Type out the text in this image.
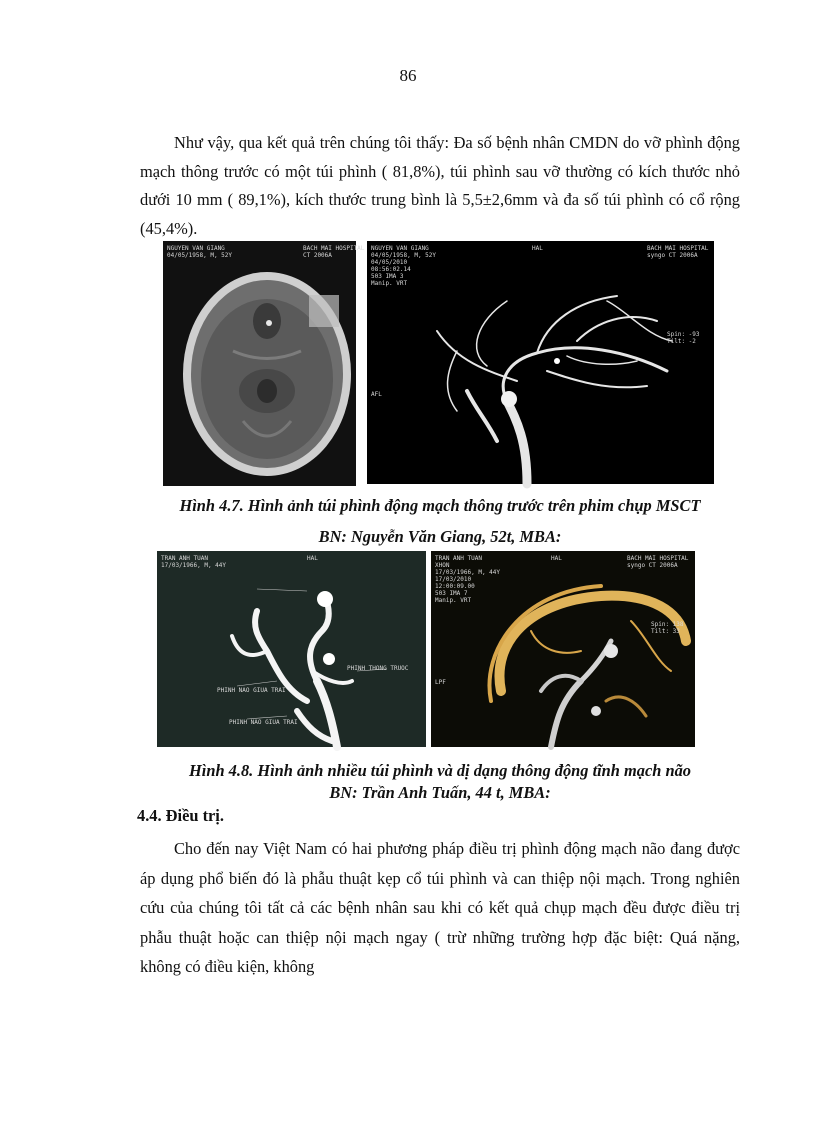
86

Như vậy, qua kết quả trên chúng tôi thấy: Đa số bệnh nhân CMDN do vỡ phình động mạch thông trước có một túi phình ( 81,8%), túi phình sau vỡ thường có kích thước nhỏ dưới 10 mm ( 89,1%), kích thước trung bình là 5,5±2,6mm và đa số túi phình có cổ rộng (45,4%).

NGUYEN VAN GIANG
04/05/1958, M, 52Y
BACH MAI HOSPITAL
CT 2006A
NGUYEN VAN GIANG
04/05/1958, M, 52Y
04/05/2010
08:56:02.14
503 IMA 3
Manip. VRT
BACH MAI HOSPITAL
syngo CT 2006A
Spin: -93
Tilt: -2
AFL
HAL

Hình 4.7. Hình ảnh túi phình động mạch thông trước trên phim chụp MSCT

BN: Nguyễn Văn Giang, 52t, MBA:

TRAN ANH TUAN
17/03/1966, M, 44Y
HAL
PHINH THONG TRUOC
PHINH NAO GIUA TRAI
PHINH NAO GIUA TRAI
TRAN ANH TUAN
XHON
17/03/1966, M, 44Y
17/03/2010
12:00:09.00
503 IMA 7
Manip. VRT
BACH MAI HOSPITAL
syngo CT 2006A
Spin: 138
Tilt: 33
HAL
LPF

Hình 4.8. Hình ảnh nhiều túi phình và dị dạng thông động tĩnh mạch não

BN: Trần Anh Tuấn, 44 t, MBA:

4.4. Điều trị.

Cho đến nay Việt Nam có hai phương pháp điều trị phình động mạch não đang được áp dụng phổ biến đó là phẫu thuật kẹp cổ túi phình và can thiệp nội mạch. Trong nghiên cứu của chúng tôi tất cả các bệnh nhân sau khi có kết quả chụp mạch đều được điều trị phẫu thuật hoặc can thiệp nội mạch ngay ( trừ những trường hợp đặc biệt: Quá nặng, không có điều kiện, không
